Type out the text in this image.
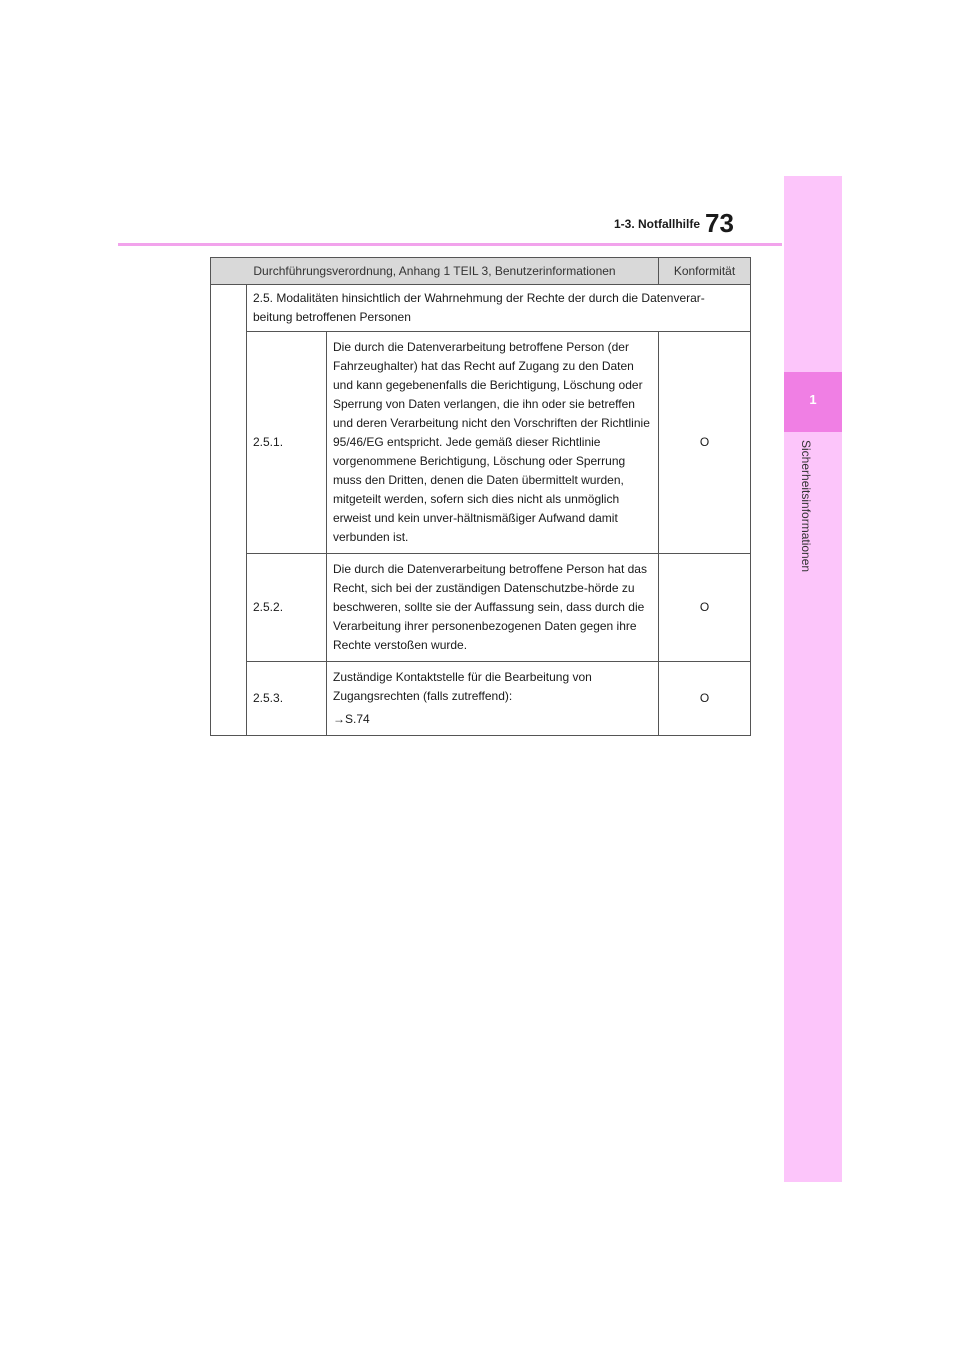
1-3. Notfallhilfe 73
1
Sicherheitsinformationen
Durchführungsverordnung, Anhang 1 TEIL 3, Benutzerinformationen			Konformität
	2.5. Modalitäten hinsichtlich der Wahrnehmung der Rechte der durch die Datenverar-beitung betroffenen Personen		
	2.5.1.	Die durch die Datenverarbeitung betroffene Person (der Fahrzeughalter) hat das Recht auf Zugang zu den Daten und kann gegebenenfalls die Berichtigung, Löschung oder Sperrung von Daten verlangen, die ihn oder sie betreffen und deren Verarbeitung nicht den Vorschriften der Richtlinie 95/46/EG entspricht. Jede gemäß dieser Richtlinie vorgenommene Berichtigung, Löschung oder Sperrung muss den Dritten, denen die Daten übermittelt wurden, mitgeteilt werden, sofern sich dies nicht als unmöglich erweist und kein unver-hältnismäßiger Aufwand damit verbunden ist.	O
	2.5.2.	Die durch die Datenverarbeitung betroffene Person hat das Recht, sich bei der zuständigen Datenschutzbe-hörde zu beschweren, sollte sie der Auffassung sein, dass durch die Verarbeitung ihrer personenbezogenen Daten gegen ihre Rechte verstoßen wurde.	O
	2.5.3.	Zuständige Kontaktstelle für die Bearbeitung von Zugangsrechten (falls zutreffend):
→S.74	O
